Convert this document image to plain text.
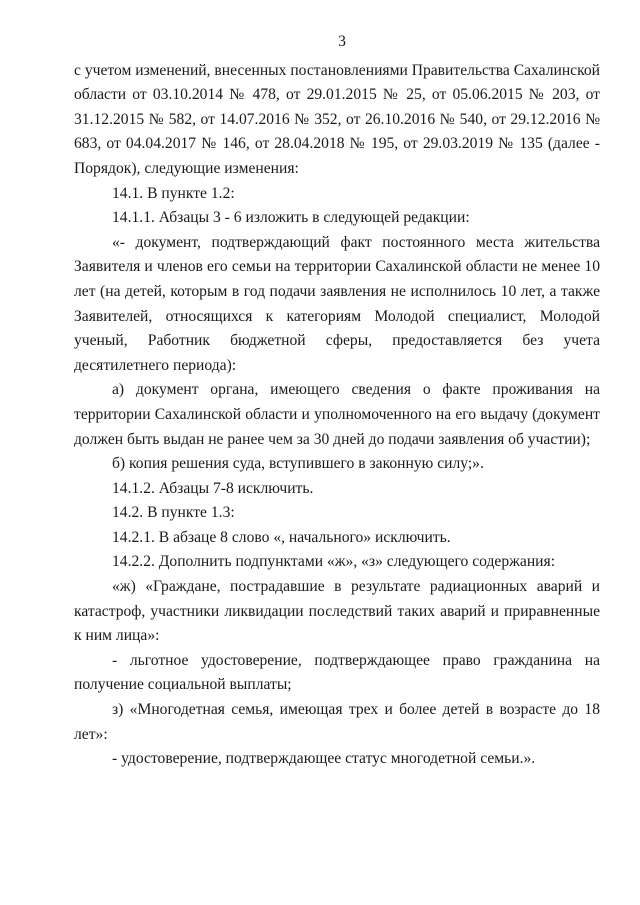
3

с учетом изменений, внесенных постановлениями Правительства Сахалинской области от 03.10.2014 № 478, от 29.01.2015 № 25, от 05.06.2015 № 203, от 31.12.2015 № 582, от 14.07.2016 № 352, от 26.10.2016 № 540, от 29.12.2016 № 683, от 04.04.2017 № 146, от 28.04.2018 № 195, от 29.03.2019 № 135 (далее - Порядок), следующие изменения:

14.1. В пункте 1.2:

14.1.1. Абзацы 3 - 6 изложить в следующей редакции:

«- документ, подтверждающий факт постоянного места жительства Заявителя и членов его семьи на территории Сахалинской области не менее 10 лет (на детей, которым в год подачи заявления не исполнилось 10 лет, а также Заявителей, относящихся к категориям Молодой специалист, Молодой ученый, Работник бюджетной сферы, предоставляется без учета десятилетнего периода):

а) документ органа, имеющего сведения о факте проживания на территории Сахалинской области и уполномоченного на его выдачу (документ должен быть выдан не ранее чем за 30 дней до подачи заявления об участии);

б) копия решения суда, вступившего в законную силу;».

14.1.2. Абзацы 7-8 исключить.

14.2. В пункте 1.3:

14.2.1. В абзаце 8 слово «, начального» исключить.

14.2.2. Дополнить подпунктами «ж», «з» следующего содержания:

«ж) «Граждане, пострадавшие в результате радиационных аварий и катастроф, участники ликвидации последствий таких аварий и приравненные к ним лица»:

- льготное удостоверение, подтверждающее право гражданина на получение социальной выплаты;

з) «Многодетная семья, имеющая трех и более детей в возрасте до 18 лет»:

- удостоверение, подтверждающее статус многодетной семьи.».
